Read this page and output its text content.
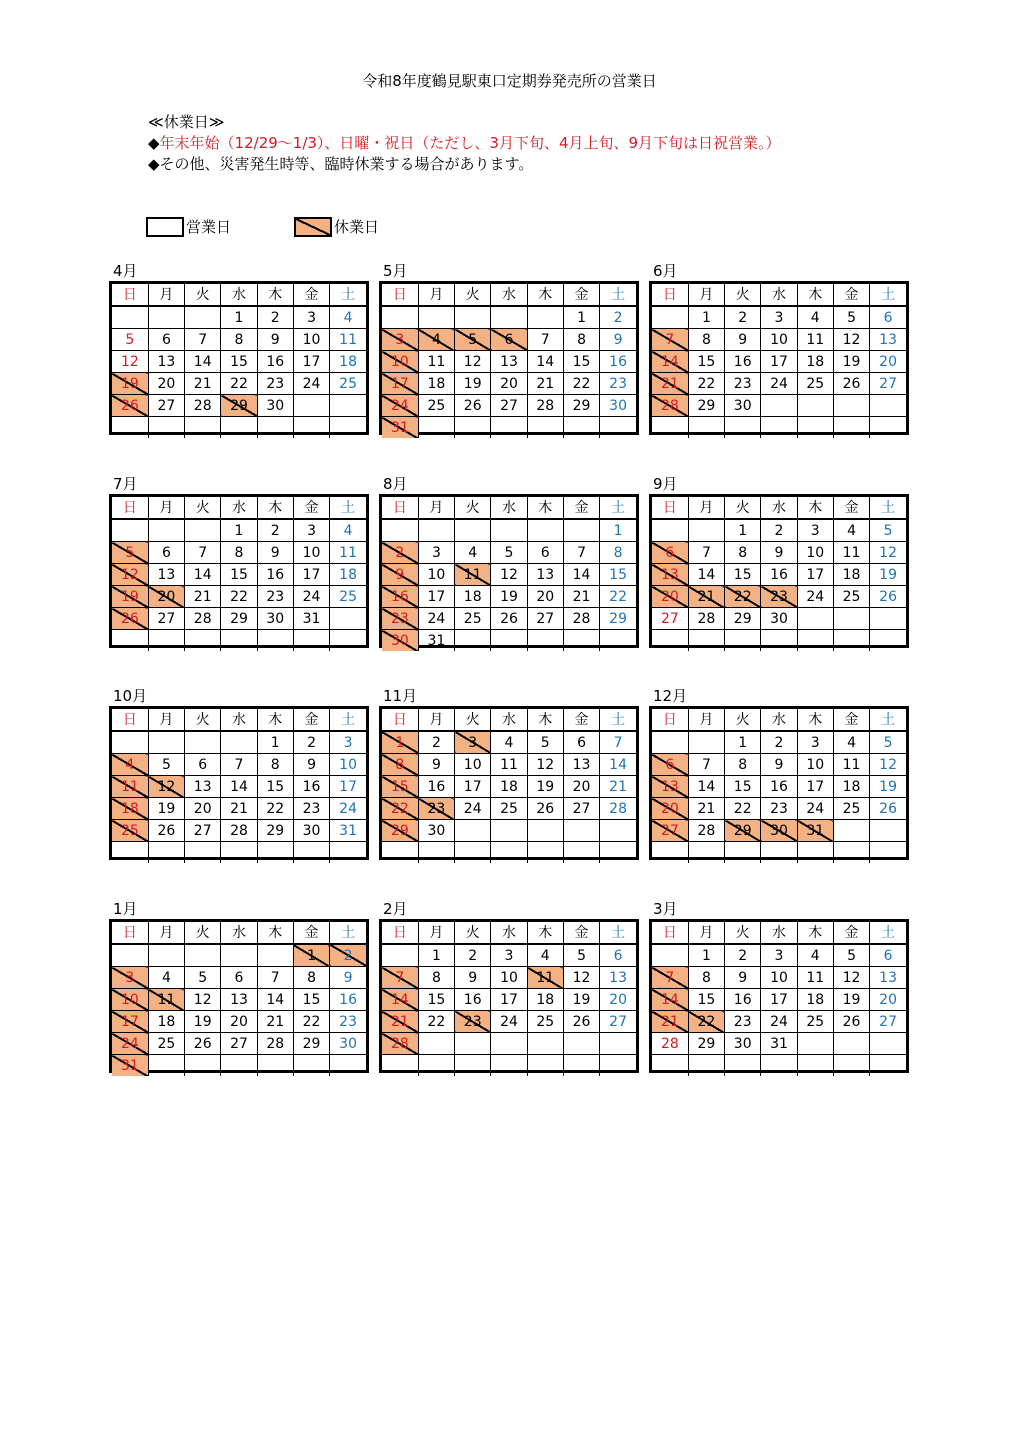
令和8年度鶴見駅東口定期券発売所の営業日
≪休業日≫
◆年末年始（12/29～1/3）、日曜・祝日（ただし、3月下旬、4月上旬、9月下旬は日祝営業。）
◆その他、災害発生時等、臨時休業する場合があります。
営業日	休業日
4月
日	月	火	水	木	金	土
			1	2	3	4
5	6	7	8	9	10	11
12	13	14	15	16	17	18
19	20	21	22	23	24	25
26	27	28	29	30		

5月
日	月	火	水	木	金	土
					1	2
3	4	5	6	7	8	9
10	11	12	13	14	15	16
17	18	19	20	21	22	23
24	25	26	27	28	29	30
31						
6月
日	月	火	水	木	金	土
	1	2	3	4	5	6
7	8	9	10	11	12	13
14	15	16	17	18	19	20
21	22	23	24	25	26	27
28	29	30				

7月
日	月	火	水	木	金	土
			1	2	3	4
5	6	7	8	9	10	11
12	13	14	15	16	17	18
19	20	21	22	23	24	25
26	27	28	29	30	31	

8月
日	月	火	水	木	金	土
						1
2	3	4	5	6	7	8
9	10	11	12	13	14	15
16	17	18	19	20	21	22
23	24	25	26	27	28	29
30	31					
9月
日	月	火	水	木	金	土
		1	2	3	4	5
6	7	8	9	10	11	12
13	14	15	16	17	18	19
20	21	22	23	24	25	26
27	28	29	30			

10月
日	月	火	水	木	金	土
				1	2	3
4	5	6	7	8	9	10
11	12	13	14	15	16	17
18	19	20	21	22	23	24
25	26	27	28	29	30	31

11月
日	月	火	水	木	金	土
1	2	3	4	5	6	7
8	9	10	11	12	13	14
15	16	17	18	19	20	21
22	23	24	25	26	27	28
29	30					

12月
日	月	火	水	木	金	土
		1	2	3	4	5
6	7	8	9	10	11	12
13	14	15	16	17	18	19
20	21	22	23	24	25	26
27	28	29	30	31		

1月
日	月	火	水	木	金	土
					1	2
3	4	5	6	7	8	9
10	11	12	13	14	15	16
17	18	19	20	21	22	23
24	25	26	27	28	29	30
31						
2月
日	月	火	水	木	金	土
	1	2	3	4	5	6
7	8	9	10	11	12	13
14	15	16	17	18	19	20
21	22	23	24	25	26	27
28						

3月
日	月	火	水	木	金	土
	1	2	3	4	5	6
7	8	9	10	11	12	13
14	15	16	17	18	19	20
21	22	23	24	25	26	27
28	29	30	31			
